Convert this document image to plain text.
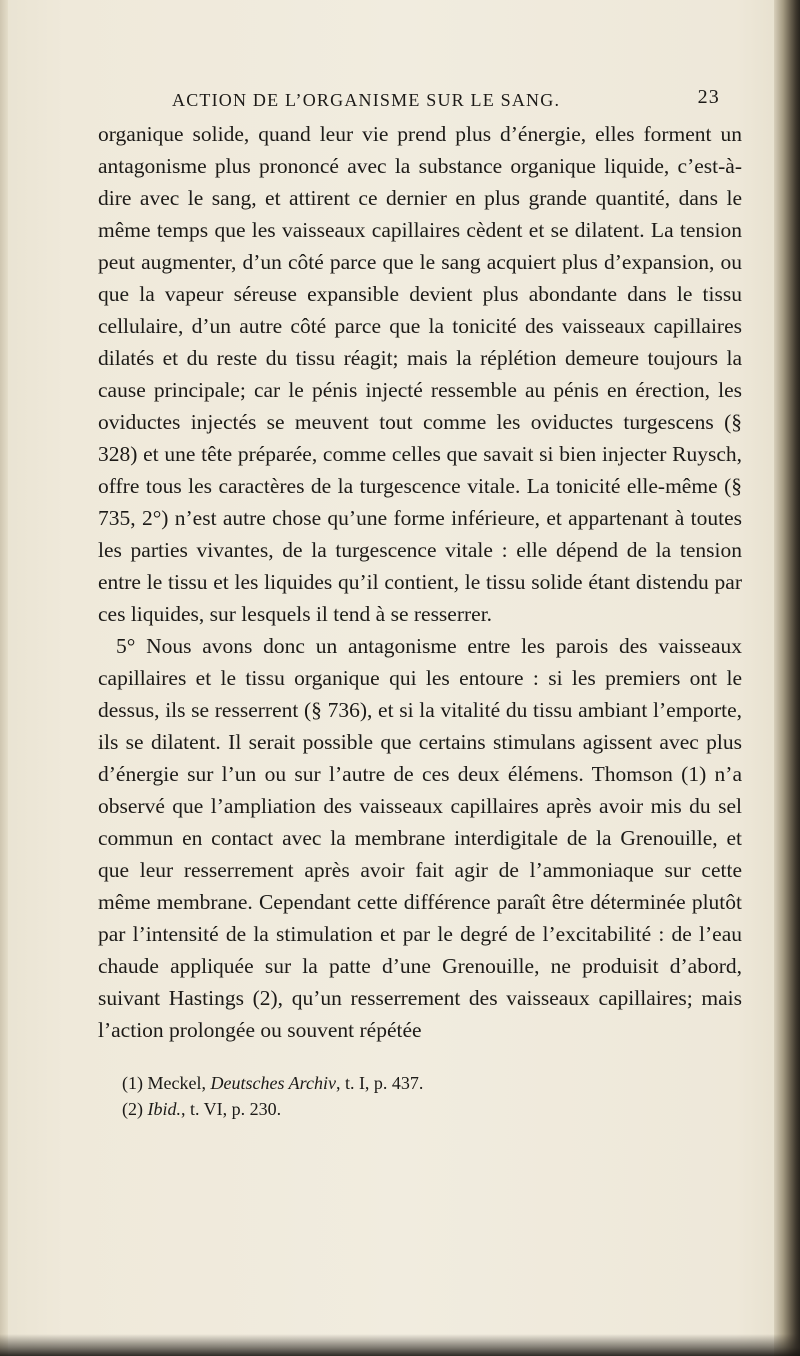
ACTION DE L’ORGANISME SUR LE SANG.	23

organique solide, quand leur vie prend plus d’énergie, elles forment un antagonisme plus prononcé avec la substance organique liquide, c’est-à-dire avec le sang, et attirent ce dernier en plus grande quantité, dans le même temps que les vaisseaux capillaires cèdent et se dilatent. La tension peut augmenter, d’un côté parce que le sang acquiert plus d’expansion, ou que la vapeur séreuse expansible devient plus abondante dans le tissu cellulaire, d’un autre côté parce que la tonicité des vaisseaux capillaires dilatés et du reste du tissu réagit; mais la réplétion demeure toujours la cause principale; car le pénis injecté ressemble au pénis en érection, les oviductes injectés se meuvent tout comme les oviductes turgescens (§ 328) et une tête préparée, comme celles que savait si bien injecter Ruysch, offre tous les caractères de la turgescence vitale. La tonicité elle-même (§ 735, 2°) n’est autre chose qu’une forme inférieure, et appartenant à toutes les parties vivantes, de la turgescence vitale : elle dépend de la tension entre le tissu et les liquides qu’il contient, le tissu solide étant distendu par ces liquides, sur lesquels il tend à se resserrer.

5° Nous avons donc un antagonisme entre les parois des vaisseaux capillaires et le tissu organique qui les entoure : si les premiers ont le dessus, ils se resserrent (§ 736), et si la vitalité du tissu ambiant l’emporte, ils se dilatent. Il serait possible que certains stimulans agissent avec plus d’énergie sur l’un ou sur l’autre de ces deux élémens. Thomson (1) n’a observé que l’ampliation des vaisseaux capillaires après avoir mis du sel commun en contact avec la membrane interdigitale de la Grenouille, et que leur resserrement après avoir fait agir de l’ammoniaque sur cette même membrane. Cependant cette différence paraît être déterminée plutôt par l’intensité de la stimulation et par le degré de l’excitabilité : de l’eau chaude appliquée sur la patte d’une Grenouille, ne produisit d’abord, suivant Hastings (2), qu’un resserrement des vaisseaux capillaires; mais l’action prolongée ou souvent répétée

(1) Meckel, Deutsches Archiv, t. I, p. 437.
(2) Ibid., t. VI, p. 230.
